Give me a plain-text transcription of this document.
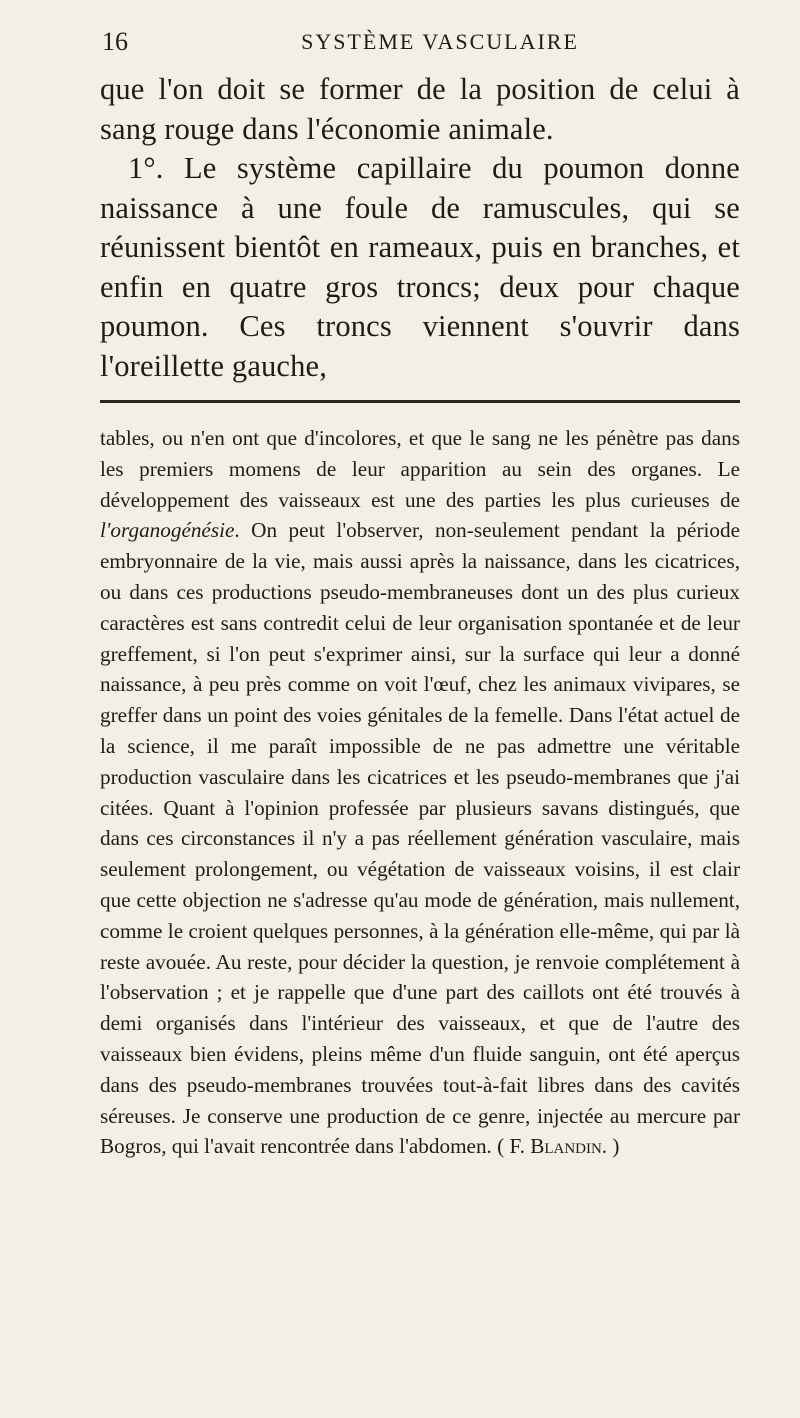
16	SYSTÈME VASCULAIRE

que l'on doit se former de la position de celui à sang rouge dans l'économie animale.

1°. Le système capillaire du poumon donne naissance à une foule de ramuscules, qui se réunissent bientôt en rameaux, puis en branches, et enfin en quatre gros troncs; deux pour chaque poumon. Ces troncs viennent s'ouvrir dans l'oreillette gauche,

tables, ou n'en ont que d'incolores, et que le sang ne les pénètre pas dans les premiers momens de leur apparition au sein des organes. Le développement des vaisseaux est une des parties les plus curieuses de l'organogénésie. On peut l'observer, non-seulement pendant la période embryonnaire de la vie, mais aussi après la naissance, dans les cicatrices, ou dans ces productions pseudo-membraneuses dont un des plus curieux caractères est sans contredit celui de leur organisation spontanée et de leur greffement, si l'on peut s'exprimer ainsi, sur la surface qui leur a donné naissance, à peu près comme on voit l'œuf, chez les animaux vivipares, se greffer dans un point des voies génitales de la femelle. Dans l'état actuel de la science, il me paraît impossible de ne pas admettre une véritable production vasculaire dans les cicatrices et les pseudo-membranes que j'ai citées. Quant à l'opinion professée par plusieurs savans distingués, que dans ces circonstances il n'y a pas réellement génération vasculaire, mais seulement prolongement, ou végétation de vaisseaux voisins, il est clair que cette objection ne s'adresse qu'au mode de génération, mais nullement, comme le croient quelques personnes, à la génération elle-même, qui par là reste avouée. Au reste, pour décider la question, je renvoie complétement à l'observation ; et je rappelle que d'une part des caillots ont été trouvés à demi organisés dans l'intérieur des vaisseaux, et que de l'autre des vaisseaux bien évidens, pleins même d'un fluide sanguin, ont été aperçus dans des pseudo-membranes trouvées tout-à-fait libres dans des cavités séreuses. Je conserve une production de ce genre, injectée au mercure par Bogros, qui l'avait rencontrée dans l'abdomen. ( F. Blandin. )
